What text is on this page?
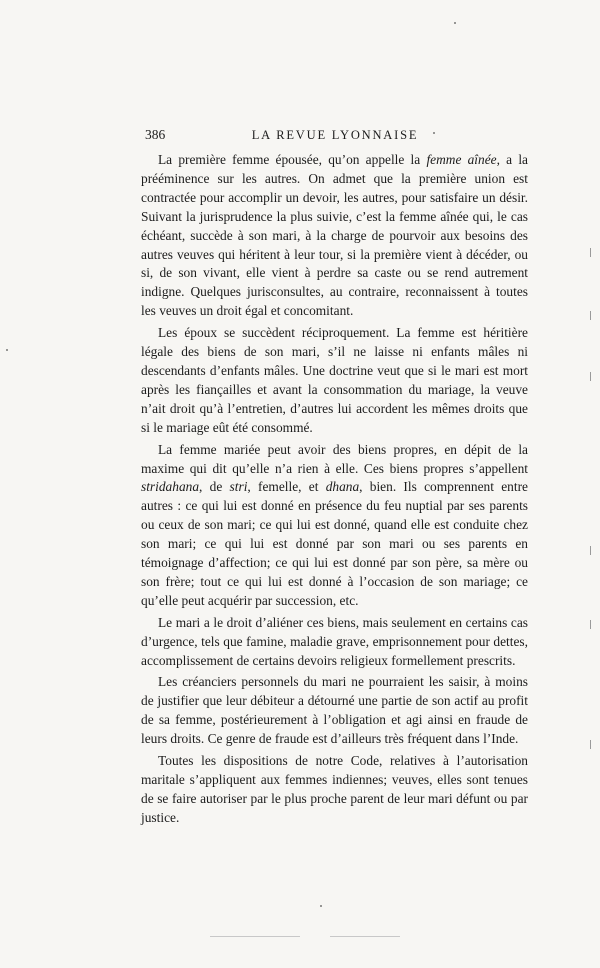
386	LA REVUE LYONNAISE

La première femme épousée, qu’on appelle la femme aînée, a la prééminence sur les autres. On admet que la première union est contractée pour accomplir un devoir, les autres, pour satisfaire un désir. Suivant la jurisprudence la plus suivie, c’est la femme aînée qui, le cas échéant, succède à son mari, à la charge de pourvoir aux besoins des autres veuves qui héritent à leur tour, si la première vient à décéder, ou si, de son vivant, elle vient à perdre sa caste ou se rend autrement indigne. Quelques jurisconsultes, au contraire, reconnaissent à toutes les veuves un droit égal et concomitant.

Les époux se succèdent réciproquement. La femme est héritière légale des biens de son mari, s’il ne laisse ni enfants mâles ni descendants d’enfants mâles. Une doctrine veut que si le mari est mort après les fiançailles et avant la consommation du mariage, la veuve n’ait droit qu’à l’entretien, d’autres lui accordent les mêmes droits que si le mariage eût été consommé.

La femme mariée peut avoir des biens propres, en dépit de la maxime qui dit qu’elle n’a rien à elle. Ces biens propres s’appellent stridahana, de stri, femelle, et dhana, bien. Ils comprennent entre autres : ce qui lui est donné en présence du feu nuptial par ses parents ou ceux de son mari; ce qui lui est donné, quand elle est conduite chez son mari; ce qui lui est donné par son mari ou ses parents en témoignage d’affection; ce qui lui est donné par son père, sa mère ou son frère; tout ce qui lui est donné à l’occasion de son mariage; ce qu’elle peut acquérir par succession, etc.

Le mari a le droit d’aliéner ces biens, mais seulement en certains cas d’urgence, tels que famine, maladie grave, emprisonnement pour dettes, accomplissement de certains devoirs religieux formellement prescrits.

Les créanciers personnels du mari ne pourraient les saisir, à moins de justifier que leur débiteur a détourné une partie de son actif au profit de sa femme, postérieurement à l’obligation et agi ainsi en fraude de leurs droits. Ce genre de fraude est d’ailleurs très fréquent dans l’Inde.

Toutes les dispositions de notre Code, relatives à l’autorisation maritale s’appliquent aux femmes indiennes; veuves, elles sont tenues de se faire autoriser par le plus proche parent de leur mari défunt ou par justice.
